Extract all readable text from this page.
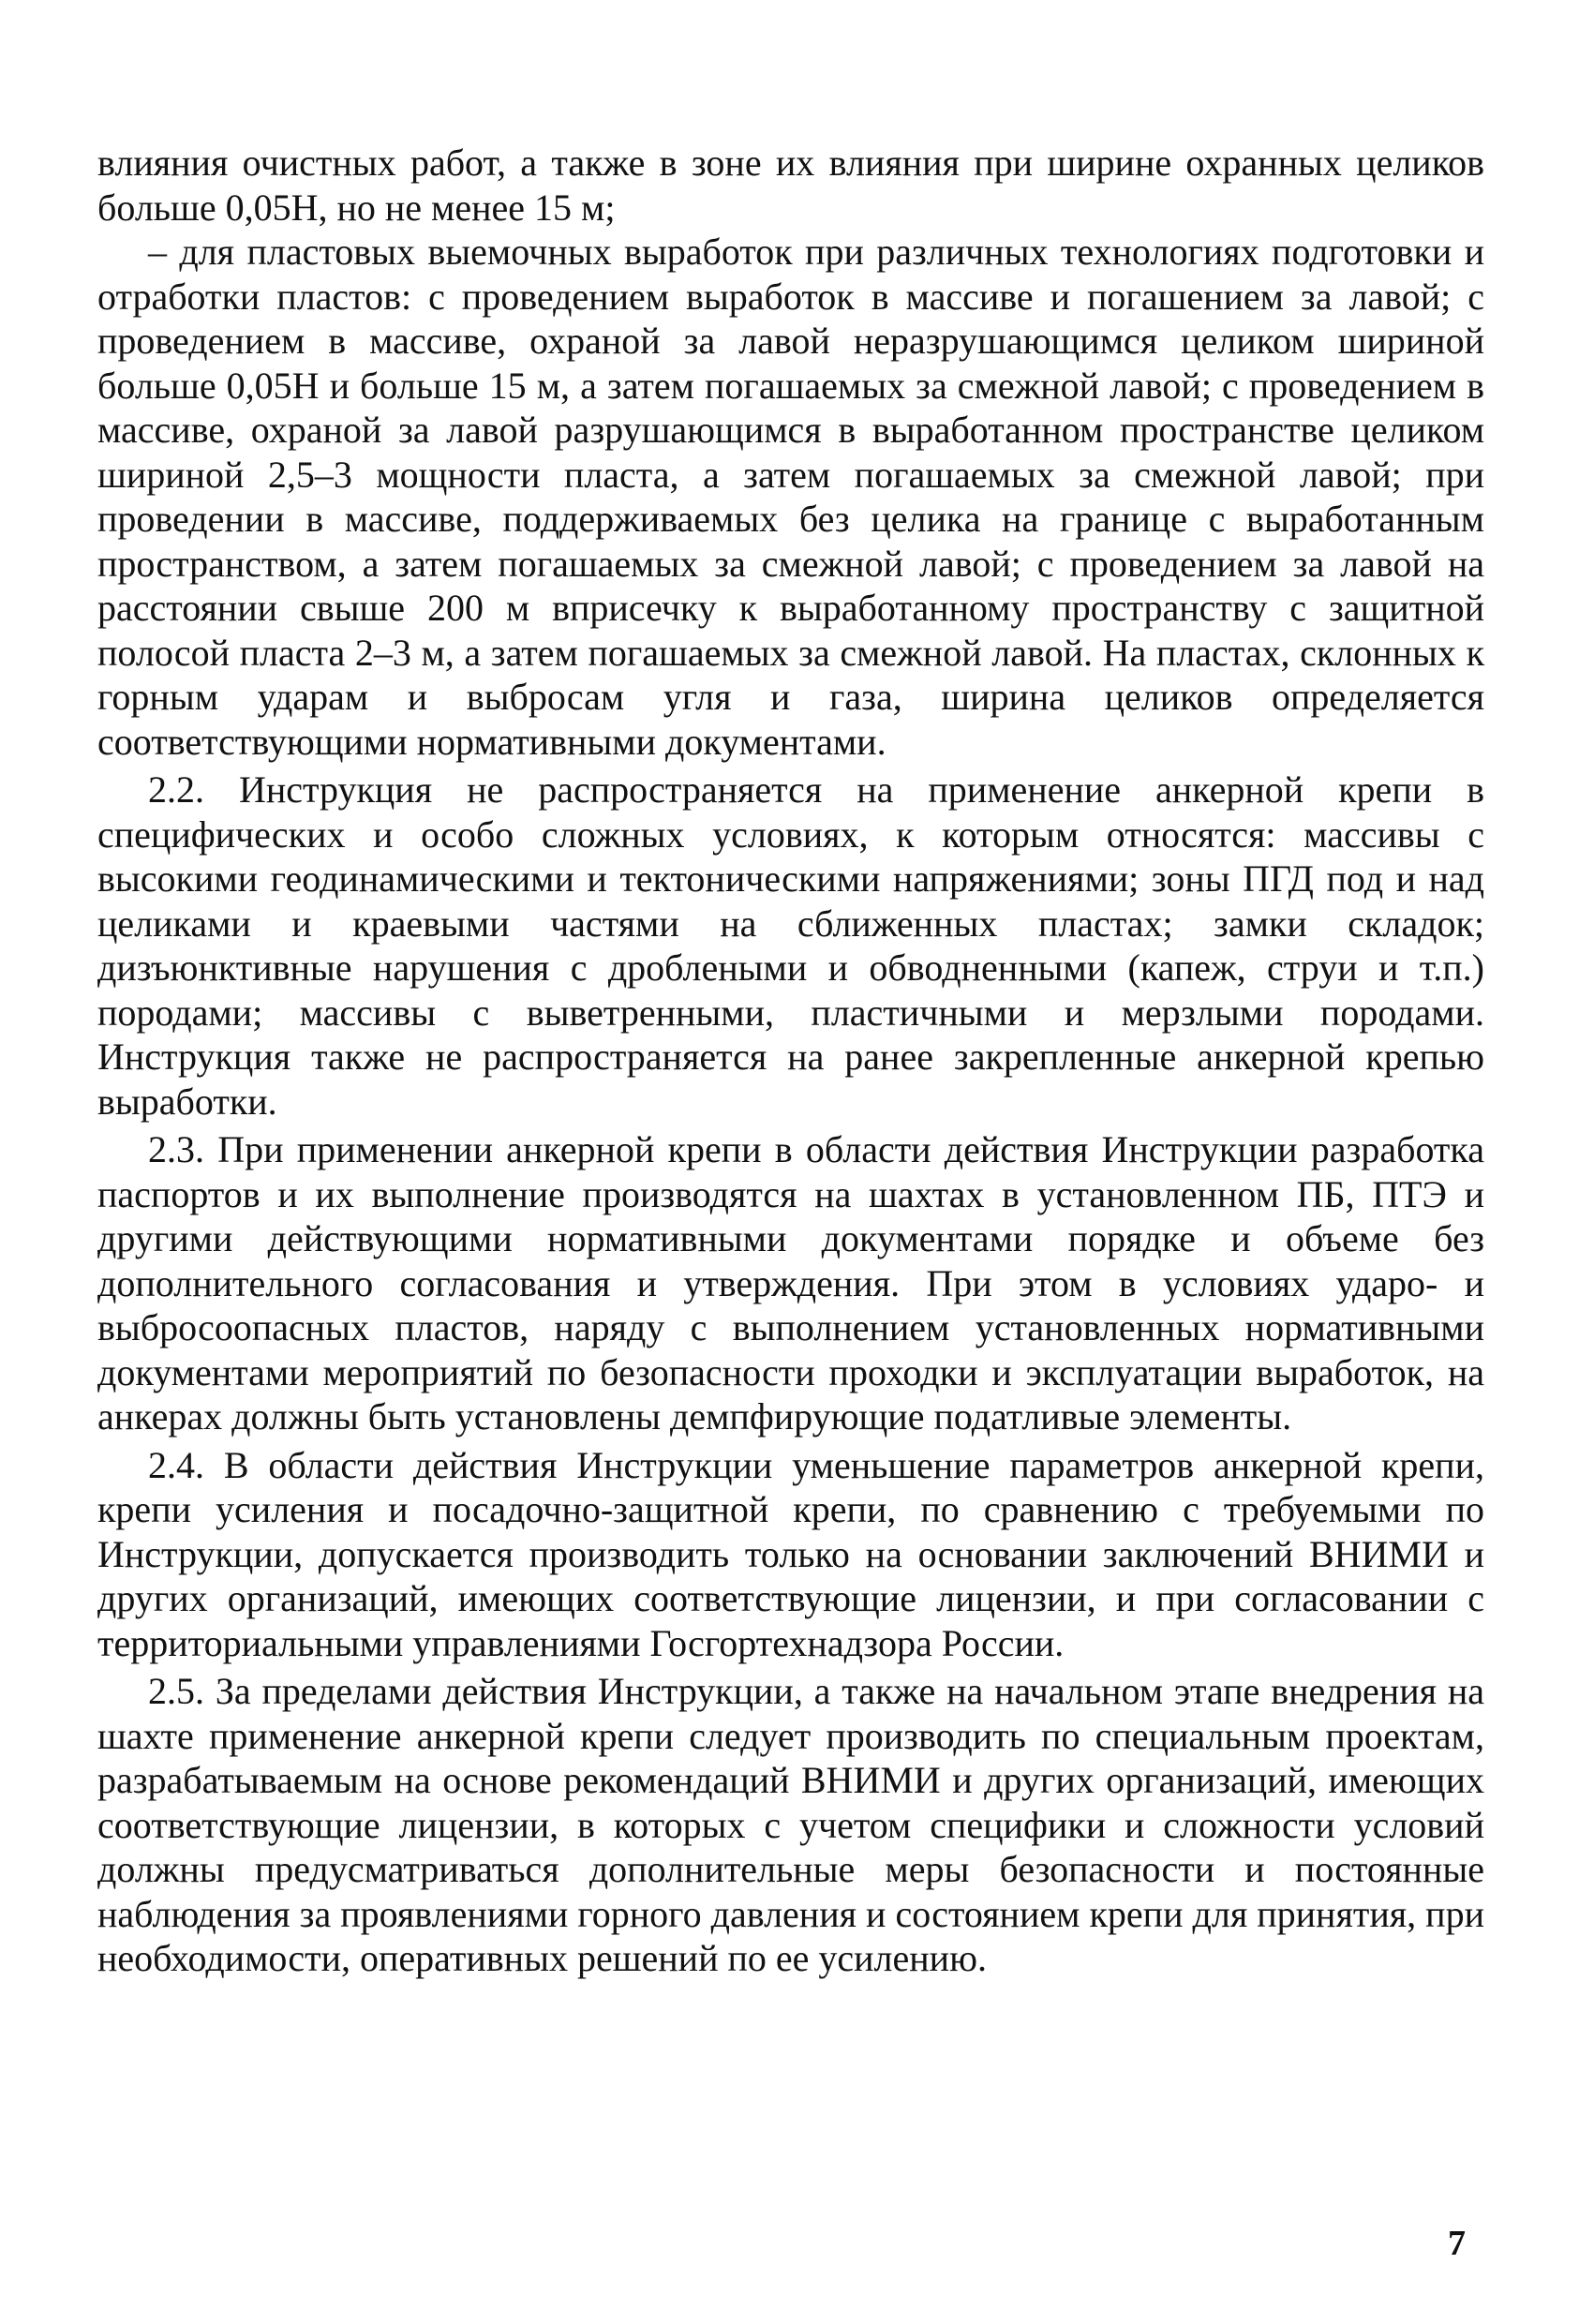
влияния очистных работ, а также в зоне их влияния при ширине охранных целиков больше 0,05H, но не менее 15 м;

– для пластовых выемочных выработок при различных технологиях подготовки и отработки пластов: с проведением выработок в массиве и погашением за лавой; с проведением в массиве, охраной за лавой неразрушающимся целиком шириной больше 0,05H и больше 15 м, а затем погашаемых за смежной лавой; с проведением в массиве, охраной за лавой разрушающимся в выработанном пространстве целиком шириной 2,5–3 мощности пласта, а затем погашаемых за смежной лавой; при проведении в массиве, поддерживаемых без целика на границе с выработанным пространством, а затем погашаемых за смежной лавой; с проведением за лавой на расстоянии свыше 200 м вприсечку к выработанному пространству с защитной полосой пласта 2–3 м, а затем погашаемых за смежной лавой. На пластах, склонных к горным ударам и выбросам угля и газа, ширина целиков определяется соответствующими нормативными документами.

2.2. Инструкция не распространяется на применение анкерной крепи в специфических и особо сложных условиях, к которым относятся: массивы с высокими геодинамическими и тектоническими напряжениями; зоны ПГД под и над целиками и краевыми частями на сближенных пластах; замки складок; дизъюнктивные нарушения с дроблеными и обводненными (капеж, струи и т.п.) породами; массивы с выветренными, пластичными и мерзлыми породами. Инструкция также не распространяется на ранее закрепленные анкерной крепью выработки.

2.3. При применении анкерной крепи в области действия Инструкции разработка паспортов и их выполнение производятся на шахтах в установленном ПБ, ПТЭ и другими действующими нормативными документами порядке и объеме без дополнительного согласования и утверждения. При этом в условиях ударо- и выбросоопасных пластов, наряду с выполнением установленных нормативными документами мероприятий по безопасности проходки и эксплуатации выработок, на анкерах должны быть установлены демпфирующие податливые элементы.

2.4. В области действия Инструкции уменьшение параметров анкерной крепи, крепи усиления и посадочно-защитной крепи, по сравнению с требуемыми по Инструкции, допускается производить только на основании заключений ВНИМИ и других организаций, имеющих соответствующие лицензии, и при согласовании с территориальными управлениями Госгортехнадзора России.

2.5. За пределами действия Инструкции, а также на начальном этапе внедрения на шахте применение анкерной крепи следует производить по специальным проектам, разрабатываемым на основе рекомендаций ВНИМИ и других организаций, имеющих соответствующие лицензии, в которых с учетом специфики и сложности условий должны предусматриваться дополнительные меры безопасности и постоянные наблюдения за проявлениями горного давления и состоянием крепи для принятия, при необходимости, оперативных решений по ее усилению.

7
